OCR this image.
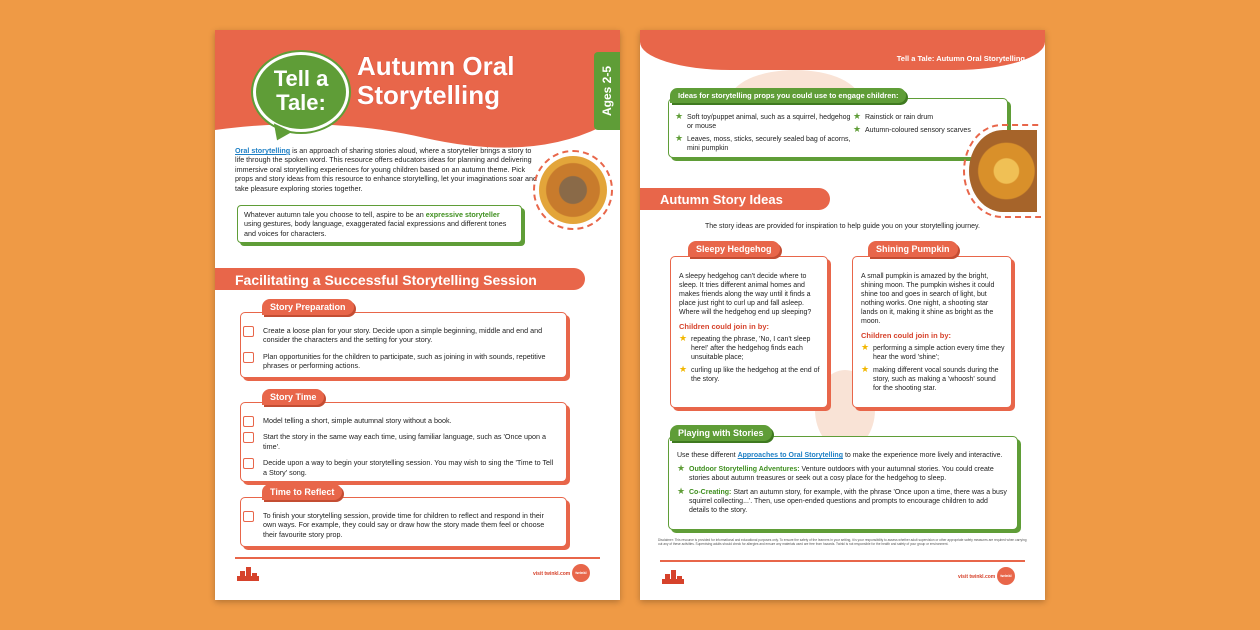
Tell a Tale:
Autumn Oral Storytelling	Ages 2-5
Oral storytelling is an approach of sharing stories aloud, where a storyteller brings a story to life through the spoken word. This resource offers educators ideas for planning and delivering immersive oral storytelling experiences for young children based on an autumn theme. Pick props and story ideas from this resource to enhance storytelling, let your imaginations soar and take pleasure exploring stories together.
Whatever autumn tale you choose to tell, aspire to be an expressive storyteller using gestures, body language, exaggerated facial expressions and different tones and voices for characters.
Facilitating a Successful Storytelling Session
Create a loose plan for your story. Decide upon a simple beginning, middle and end and consider the characters and the setting for your story.
Plan opportunities for the children to participate, such as joining in with sounds, repetitive phrases or performing actions.
Story Preparation
Model telling a short, simple autumnal story without a book.
Start the story in the same way each time, using familiar language, such as 'Once upon a time'.
Decide upon a way to begin your storytelling session. You may wish to sing the 'Time to Tell a Story' song.
Story Time
To finish your storytelling session, provide time for children to reflect and respond in their own ways. For example, they could say or draw how the story made them feel or choose their favourite story prop.
Time to Reflect
visit twinkl.com	twinkl
Tell a Tale: Autumn Oral Storytelling
★ Soft toy/puppet animal, such as a squirrel, hedgehog or mouse
★ Leaves, moss, sticks, securely sealed bag of acorns, mini pumpkin
★ Rainstick or rain drum
★ Autumn-coloured sensory scarves
Ideas for storytelling props you could use to engage children:
Autumn Story Ideas
The story ideas are provided for inspiration to help guide you on your storytelling journey.
A sleepy hedgehog can't decide where to sleep. It tries different animal homes and makes friends along the way until it finds a place just right to curl up and fall asleep. Where will the hedgehog end up sleeping?
Children could join in by:
★ repeating the phrase, 'No, I can't sleep here!' after the hedgehog finds each unsuitable place;
★ curling up like the hedgehog at the end of the story.
Sleepy Hedgehog
A small pumpkin is amazed by the bright, shining moon. The pumpkin wishes it could shine too and goes in search of light, but nothing works. One night, a shooting star lands on it, making it shine as bright as the moon.
Children could join in by:
★ performing a simple action every time they hear the word 'shine';
★ making different vocal sounds during the story, such as making a 'whoosh' sound for the shooting star.
Shining Pumpkin
Use these different Approaches to Oral Storytelling to make the experience more lively and interactive.
★ Outdoor Storytelling Adventures: Venture outdoors with your autumnal stories. You could create stories about autumn treasures or seek out a cosy place for the hedgehog to sleep.
★ Co-Creating: Start an autumn story, for example, with the phrase 'Once upon a time, there was a busy squirrel collecting...'. Then, use open-ended questions and prompts to encourage children to add details to the story.
Playing with Stories
Disclaimer: This resource is provided for informational and educational purposes only. To ensure the safety of the learners in your setting, it is your responsibility to assess whether adult supervision or other appropriate safety measures are required when carrying out any of these activities. Supervising adults should check for allergies and ensure any materials used are free from hazards. Twinkl is not responsible for the health and safety of your group or environment.
visit twinkl.com	twinkl
